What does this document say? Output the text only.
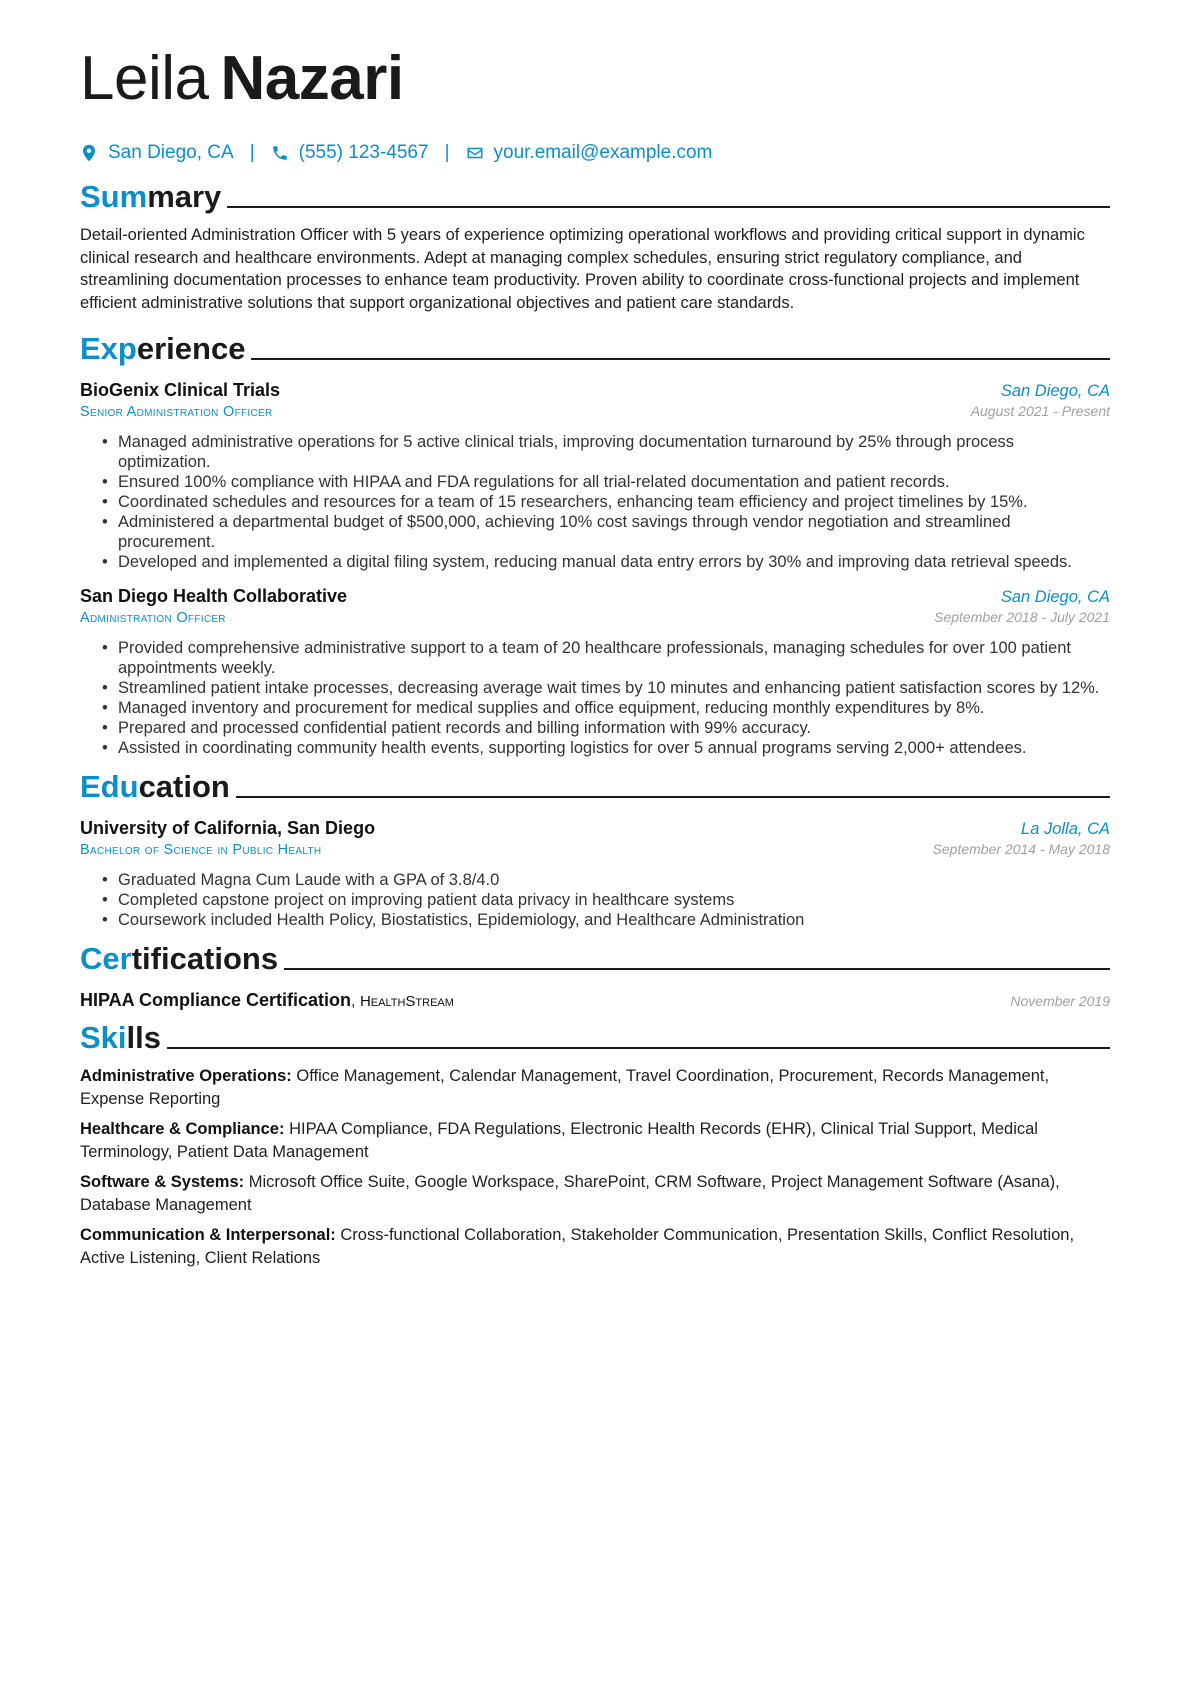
Leila Nazari
San Diego, CA | (555) 123-4567 | your.email@example.com
Summary
Detail-oriented Administration Officer with 5 years of experience optimizing operational workflows and providing critical support in dynamic clinical research and healthcare environments. Adept at managing complex schedules, ensuring strict regulatory compliance, and streamlining documentation processes to enhance team productivity. Proven ability to coordinate cross-functional projects and implement efficient administrative solutions that support organizational objectives and patient care standards.
Experience
BioGenix Clinical Trials	San Diego, CA
Senior Administration Officer	August 2021 - Present
• Managed administrative operations for 5 active clinical trials, improving documentation turnaround by 25% through process optimization.
• Ensured 100% compliance with HIPAA and FDA regulations for all trial-related documentation and patient records.
• Coordinated schedules and resources for a team of 15 researchers, enhancing team efficiency and project timelines by 15%.
• Administered a departmental budget of $500,000, achieving 10% cost savings through vendor negotiation and streamlined procurement.
• Developed and implemented a digital filing system, reducing manual data entry errors by 30% and improving data retrieval speeds.
San Diego Health Collaborative	San Diego, CA
Administration Officer	September 2018 - July 2021
• Provided comprehensive administrative support to a team of 20 healthcare professionals, managing schedules for over 100 patient appointments weekly.
• Streamlined patient intake processes, decreasing average wait times by 10 minutes and enhancing patient satisfaction scores by 12%.
• Managed inventory and procurement for medical supplies and office equipment, reducing monthly expenditures by 8%.
• Prepared and processed confidential patient records and billing information with 99% accuracy.
• Assisted in coordinating community health events, supporting logistics for over 5 annual programs serving 2,000+ attendees.
Education
University of California, San Diego	La Jolla, CA
Bachelor of Science in Public Health	September 2014 - May 2018
• Graduated Magna Cum Laude with a GPA of 3.8/4.0
• Completed capstone project on improving patient data privacy in healthcare systems
• Coursework included Health Policy, Biostatistics, Epidemiology, and Healthcare Administration
Certifications
HIPAA Compliance Certification, HealthStream	November 2019
Skills
Administrative Operations: Office Management, Calendar Management, Travel Coordination, Procurement, Records Management, Expense Reporting
Healthcare & Compliance: HIPAA Compliance, FDA Regulations, Electronic Health Records (EHR), Clinical Trial Support, Medical Terminology, Patient Data Management
Software & Systems: Microsoft Office Suite, Google Workspace, SharePoint, CRM Software, Project Management Software (Asana), Database Management
Communication & Interpersonal: Cross-functional Collaboration, Stakeholder Communication, Presentation Skills, Conflict Resolution, Active Listening, Client Relations
